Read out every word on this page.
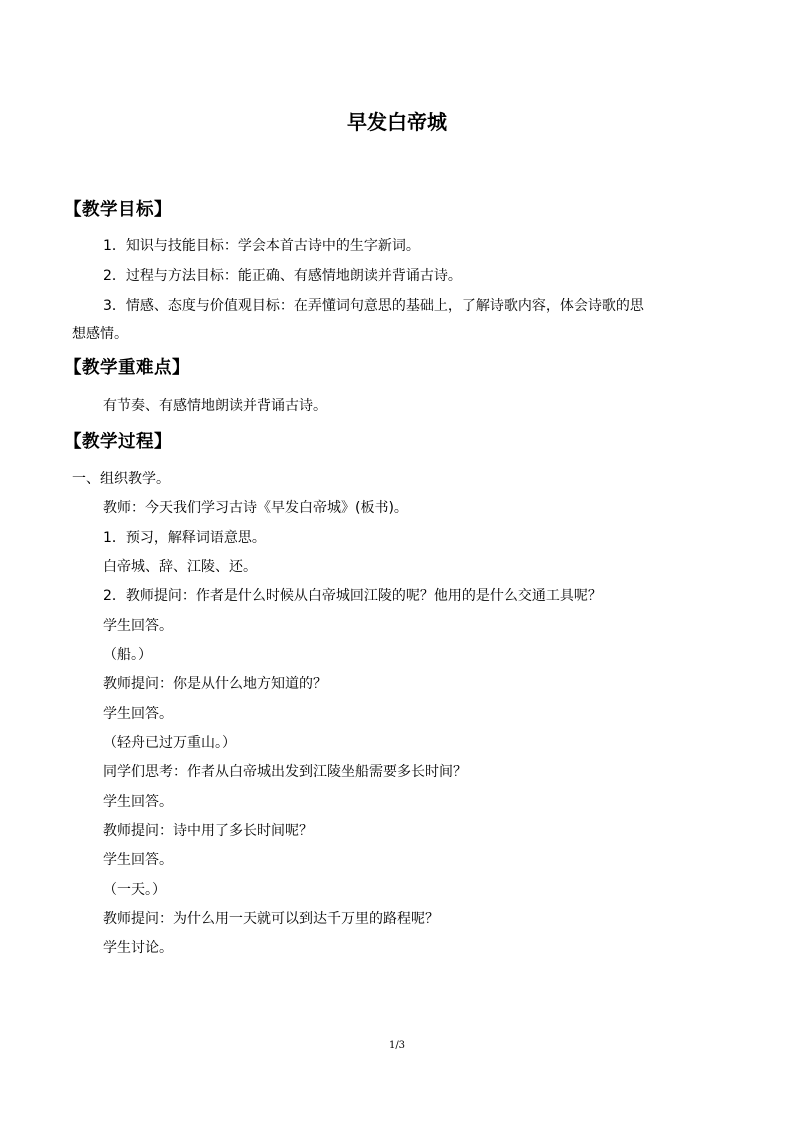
早发白帝城
【教学目标】
1．知识与技能目标：学会本首古诗中的生字新词。
2．过程与方法目标：能正确、有感情地朗读并背诵古诗。
3．情感、态度与价值观目标：在弄懂词句意思的基础上，了解诗歌内容，体会诗歌的思
想感情。
【教学重难点】
有节奏、有感情地朗读并背诵古诗。
【教学过程】
一、组织教学。
教师：今天我们学习古诗《早发白帝城》(板书)。
1．预习，解释词语意思。
白帝城、辞、江陵、还。
2．教师提问：作者是什么时候从白帝城回江陵的呢？他用的是什么交通工具呢？
学生回答。
（船。）
教师提问：你是从什么地方知道的？
学生回答。
（轻舟已过万重山。）
同学们思考：作者从白帝城出发到江陵坐船需要多长时间？
学生回答。
教师提问：诗中用了多长时间呢？
学生回答。
（一天。）
教师提问：为什么用一天就可以到达千万里的路程呢？
学生讨论。
1/3
